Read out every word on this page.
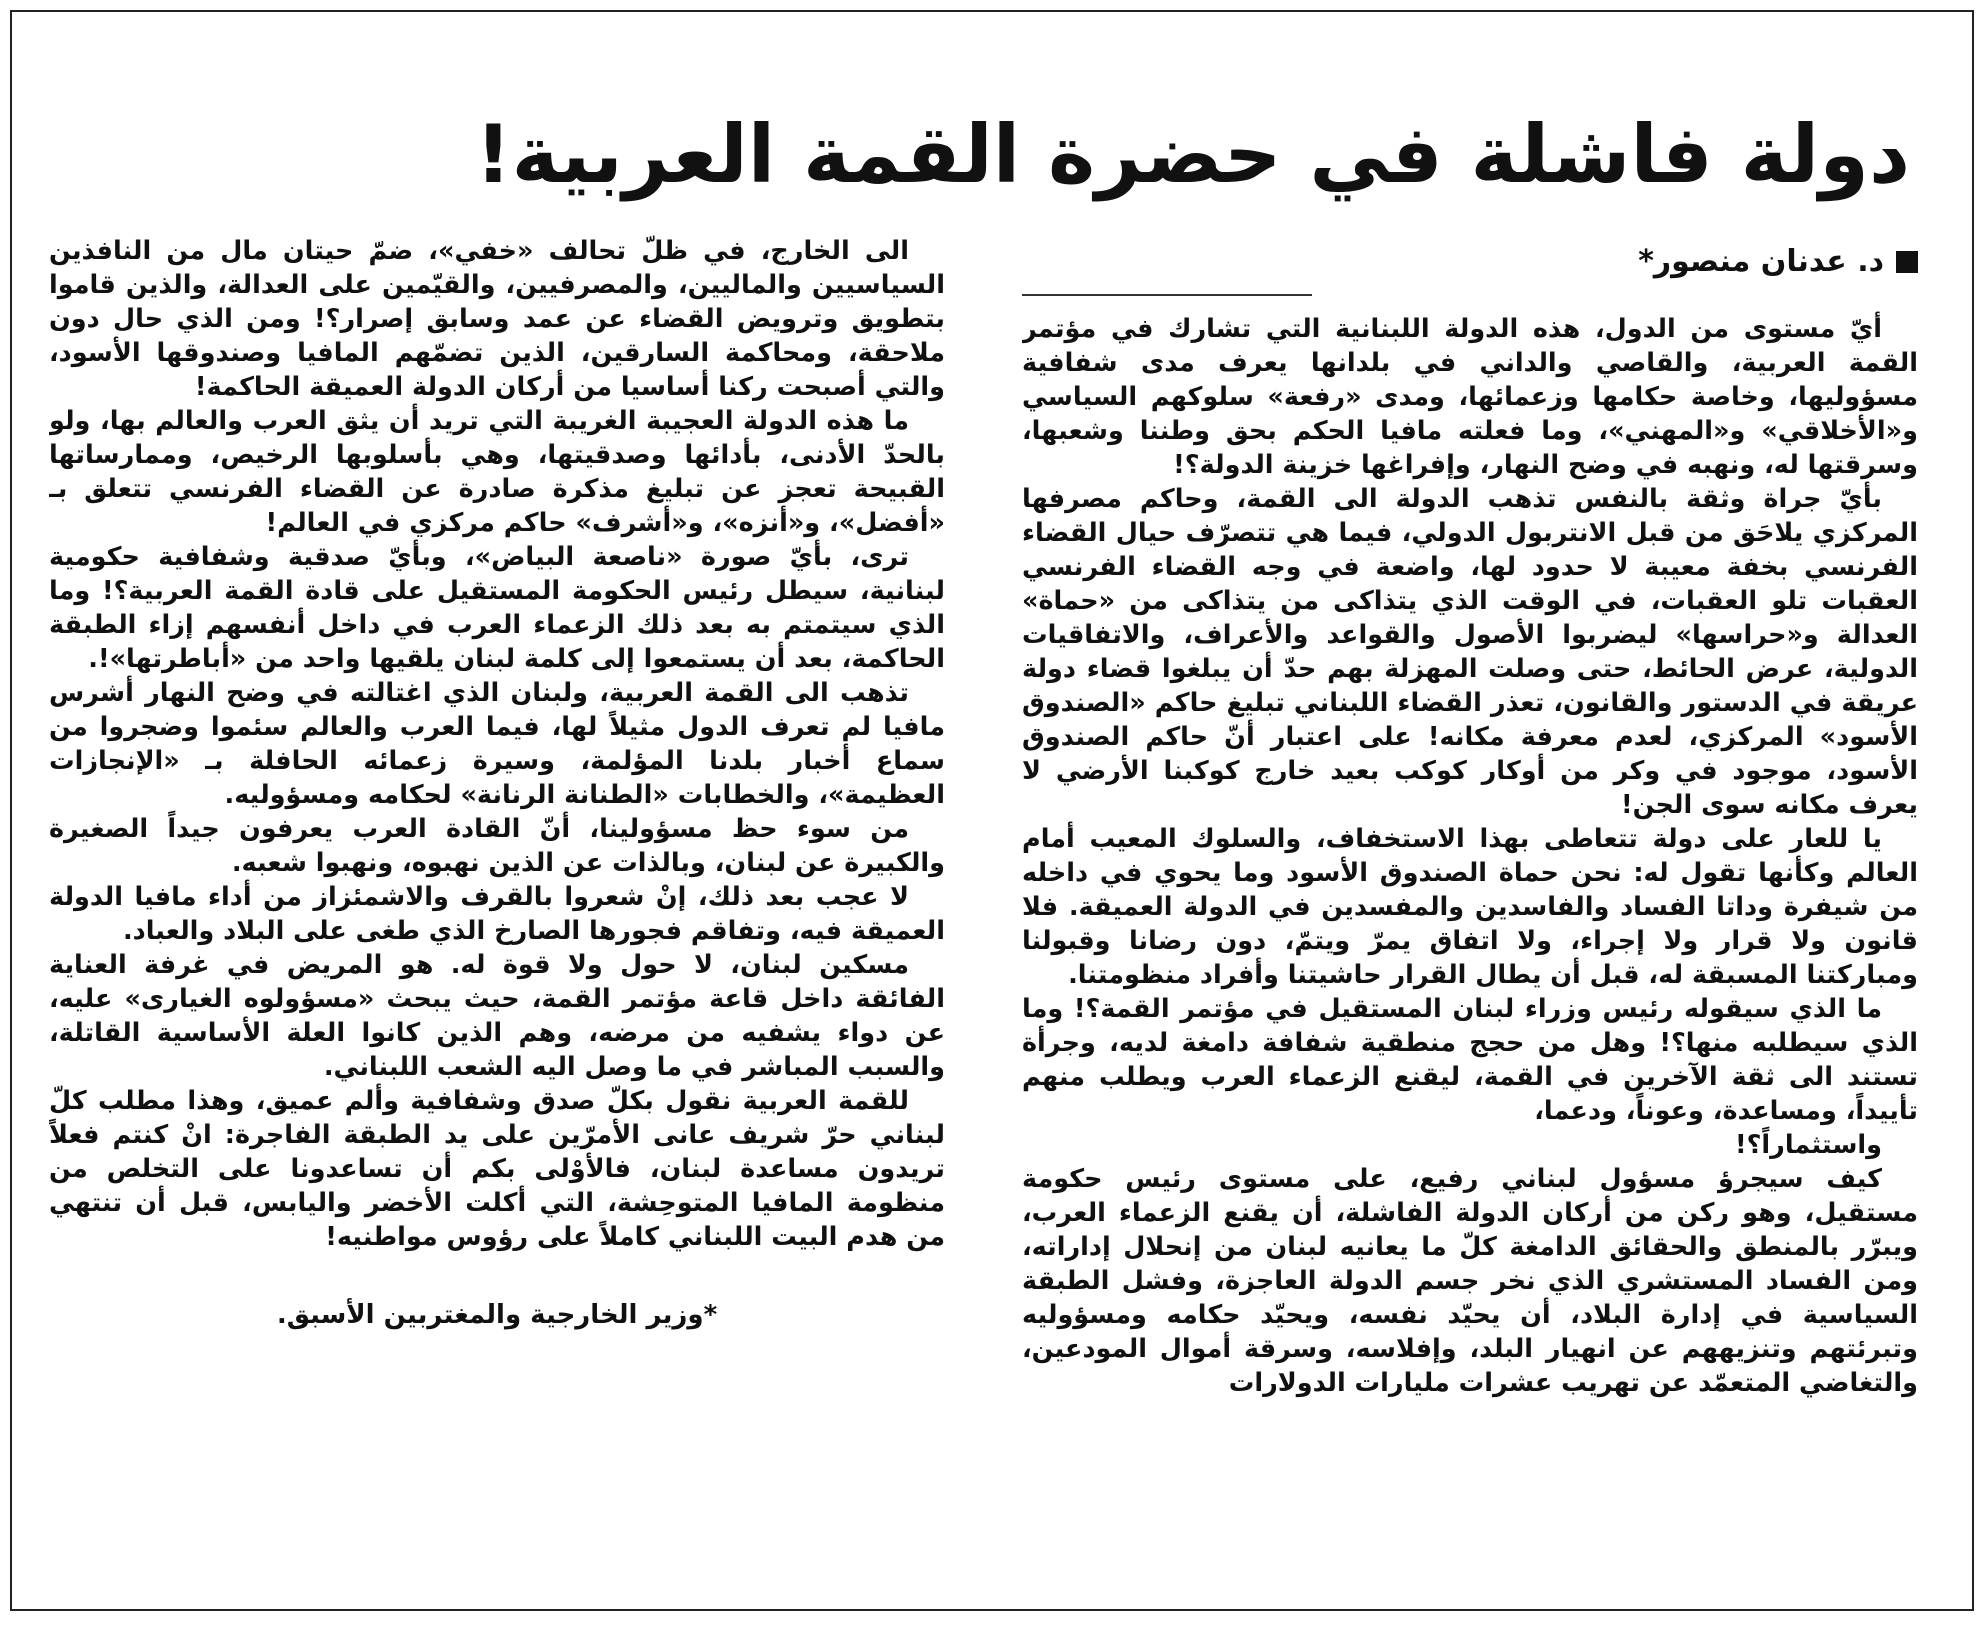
دولة فاشلة في حضرة القمة العربية!
د. عدنان منصور*

أيّ مستوى من الدول، هذه الدولة اللبنانية التي تشارك في مؤتمر القمة العربية، والقاصي والداني في بلدانها يعرف مدى شفافية مسؤوليها، وخاصة حكامها وزعمائها، ومدى «رفعة» سلوكهم السياسي و«الأخلاقي» و«المهني»، وما فعلته مافيا الحكم بحق وطننا وشعبها، وسرقتها له، ونهبه في وضح النهار، وإفراغها خزينة الدولة؟!

بأيّ جراة وثقة بالنفس تذهب الدولة الى القمة، وحاكم مصرفها المركزي يلاحَق من قبل الانتربول الدولي، فيما هي تتصرّف حيال القضاء الفرنسي بخفة معيبة لا حدود لها، واضعة في وجه القضاء الفرنسي العقبات تلو العقبات، في الوقت الذي يتذاكى من يتذاكى من «حماة» العدالة و«حراسها» ليضربوا الأصول والقواعد والأعراف، والاتفاقيات الدولية، عرض الحائط، حتى وصلت المهزلة بهم حدّ أن يبلغوا قضاء دولة عريقة في الدستور والقانون، تعذر القضاء اللبناني تبليغ حاكم «الصندوق الأسود» المركزي، لعدم معرفة مكانه! على اعتبار أنّ حاكم الصندوق الأسود، موجود في وكر من أوكار كوكب بعيد خارج كوكبنا الأرضي لا يعرف مكانه سوى الجن!

يا للعار على دولة تتعاطى بهذا الاستخفاف، والسلوك المعيب أمام العالم وكأنها تقول له: نحن حماة الصندوق الأسود وما يحوي في داخله من شيفرة وداتا الفساد والفاسدين والمفسدين في الدولة العميقة. فلا قانون ولا قرار ولا إجراء، ولا اتفاق يمرّ ويتمّ، دون رضانا وقبولنا ومباركتنا المسبقة له، قبل أن يطال القرار حاشيتنا وأفراد منظومتنا.

ما الذي سيقوله رئيس وزراء لبنان المستقيل في مؤتمر القمة؟! وما الذي سيطلبه منها؟! وهل من حجج منطقية شفافة دامغة لديه، وجرأة تستند الى ثقة الآخرين في القمة، ليقنع الزعماء العرب ويطلب منهم تأييداً، ومساعدة، وعوناً، ودعما،

واستثماراً؟!

كيف سيجرؤ مسؤول لبناني رفيع، على مستوى رئيس حكومة مستقيل، وهو ركن من أركان الدولة الفاشلة، أن يقنع الزعماء العرب، ويبرّر بالمنطق والحقائق الدامغة كلّ ما يعانيه لبنان من إنحلال إداراته، ومن الفساد المستشري الذي نخر جسم الدولة العاجزة، وفشل الطبقة السياسية في إدارة البلاد، أن يحيّد نفسه، ويحيّد حكامه ومسؤوليه وتبرئتهم وتنزيههم عن انهيار البلد، وإفلاسه، وسرقة أموال المودعين، والتغاضي المتعمّد عن تهريب عشرات مليارات الدولارات

الى الخارج، في ظلّ تحالف «خفي»، ضمّ حيتان مال من النافذين السياسيين والماليين، والمصرفيين، والقيّمين على العدالة، والذين قاموا بتطويق وترويض القضاء عن عمد وسابق إصرار؟! ومن الذي حال دون ملاحقة، ومحاكمة السارقين، الذين تضمّهم المافيا وصندوقها الأسود، والتي أصبحت ركنا أساسيا من أركان الدولة العميقة الحاكمة!

ما هذه الدولة العجيبة الغريبة التي تريد أن يثق العرب والعالم بها، ولو بالحدّ الأدنى، بأدائها وصدقيتها، وهي بأسلوبها الرخيص، وممارساتها القبيحة تعجز عن تبليغ مذكرة صادرة عن القضاء الفرنسي تتعلق بـ «أفضل»، و«أنزه»، و«أشرف» حاكم مركزي في العالم!

ترى، بأيّ صورة «ناصعة البياض»، وبأيّ صدقية وشفافية حكومية لبنانية، سيطل رئيس الحكومة المستقيل على قادة القمة العربية؟! وما الذي سيتمتم به بعد ذلك الزعماء العرب في داخل أنفسهم إزاء الطبقة الحاكمة، بعد أن يستمعوا إلى كلمة لبنان يلقيها واحد من «أباطرتها»!.

تذهب الى القمة العربية، ولبنان الذي اغتالته في وضح النهار أشرس مافيا لم تعرف الدول مثيلاً لها، فيما العرب والعالم سئموا وضجروا من سماع أخبار بلدنا المؤلمة، وسيرة زعمائه الحافلة بـ «الإنجازات العظيمة»، والخطابات «الطنانة الرنانة» لحكامه ومسؤوليه.

من سوء حظ مسؤولينا، أنّ القادة العرب يعرفون جيداً الصغيرة والكبيرة عن لبنان، وبالذات عن الذين نهبوه، ونهبوا شعبه.

لا عجب بعد ذلك، إنْ شعروا بالقرف والاشمئزاز من أداء مافيا الدولة العميقة فيه، وتفاقم فجورها الصارخ الذي طغى على البلاد والعباد.

مسكين لبنان، لا حول ولا قوة له. هو المريض في غرفة العناية الفائقة داخل قاعة مؤتمر القمة، حيث يبحث «مسؤولوه الغيارى» عليه، عن دواء يشفيه من مرضه، وهم الذين كانوا العلة الأساسية القاتلة، والسبب المباشر في ما وصل اليه الشعب اللبناني.

للقمة العربية نقول بكلّ صدق وشفافية وألم عميق، وهذا مطلب كلّ لبناني حرّ شريف عانى الأمرّين على يد الطبقة الفاجرة: انْ كنتم فعلاً تريدون مساعدة لبنان، فالأوْلى بكم أن تساعدونا على التخلص من منظومة المافيا المتوحِشة، التي أكلت الأخضر واليابس، قبل أن تنتهي من هدم البيت اللبناني كاملاً على رؤوس مواطنيه!

*وزير الخارجية والمغتربين الأسبق.
